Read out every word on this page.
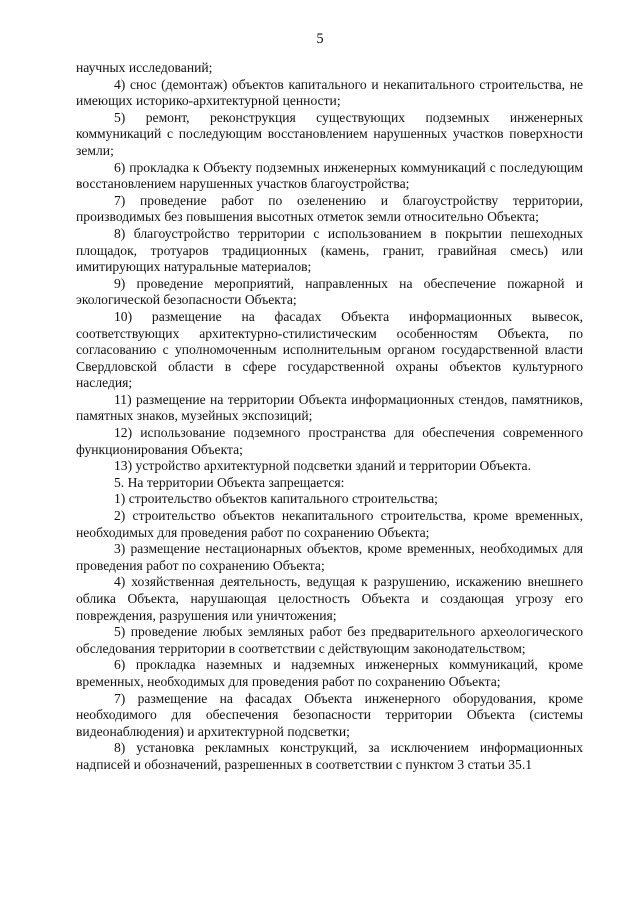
5

научных исследований;

4) снос (демонтаж) объектов капитального и некапитального строительства, не имеющих историко-архитектурной ценности;

5) ремонт, реконструкция существующих подземных инженерных коммуникаций с последующим восстановлением нарушенных участков поверхности земли;

6) прокладка к Объекту подземных инженерных коммуникаций с последующим восстановлением нарушенных участков благоустройства;

7) проведение работ по озеленению и благоустройству территории, производимых без повышения высотных отметок земли относительно Объекта;

8) благоустройство территории с использованием в покрытии пешеходных площадок, тротуаров традиционных (камень, гранит, гравийная смесь) или имитирующих натуральные материалов;

9) проведение мероприятий, направленных на обеспечение пожарной и экологической безопасности Объекта;

10) размещение на фасадах Объекта информационных вывесок, соответствующих архитектурно-стилистическим особенностям Объекта, по согласованию с уполномоченным исполнительным органом государственной власти Свердловской области в сфере государственной охраны объектов культурного наследия;

11) размещение на территории Объекта информационных стендов, памятников, памятных знаков, музейных экспозиций;

12) использование подземного пространства для обеспечения современного функционирования Объекта;

13) устройство архитектурной подсветки зданий и территории Объекта.

5. На территории Объекта запрещается:

1) строительство объектов капитального строительства;

2) строительство объектов некапитального строительства, кроме временных, необходимых для проведения работ по сохранению Объекта;

3) размещение нестационарных объектов, кроме временных, необходимых для проведения работ по сохранению Объекта;

4) хозяйственная деятельность, ведущая к разрушению, искажению внешнего облика Объекта, нарушающая целостность Объекта и создающая угрозу его повреждения, разрушения или уничтожения;

5) проведение любых земляных работ без предварительного археологического обследования территории в соответствии с действующим законодательством;

6) прокладка наземных и надземных инженерных коммуникаций, кроме временных, необходимых для проведения работ по сохранению Объекта;

7) размещение на фасадах Объекта инженерного оборудования, кроме необходимого для обеспечения безопасности территории Объекта (системы видеонаблюдения) и архитектурной подсветки;

8) установка рекламных конструкций, за исключением информационных надписей и обозначений, разрешенных в соответствии с пунктом 3 статьи 35.1
